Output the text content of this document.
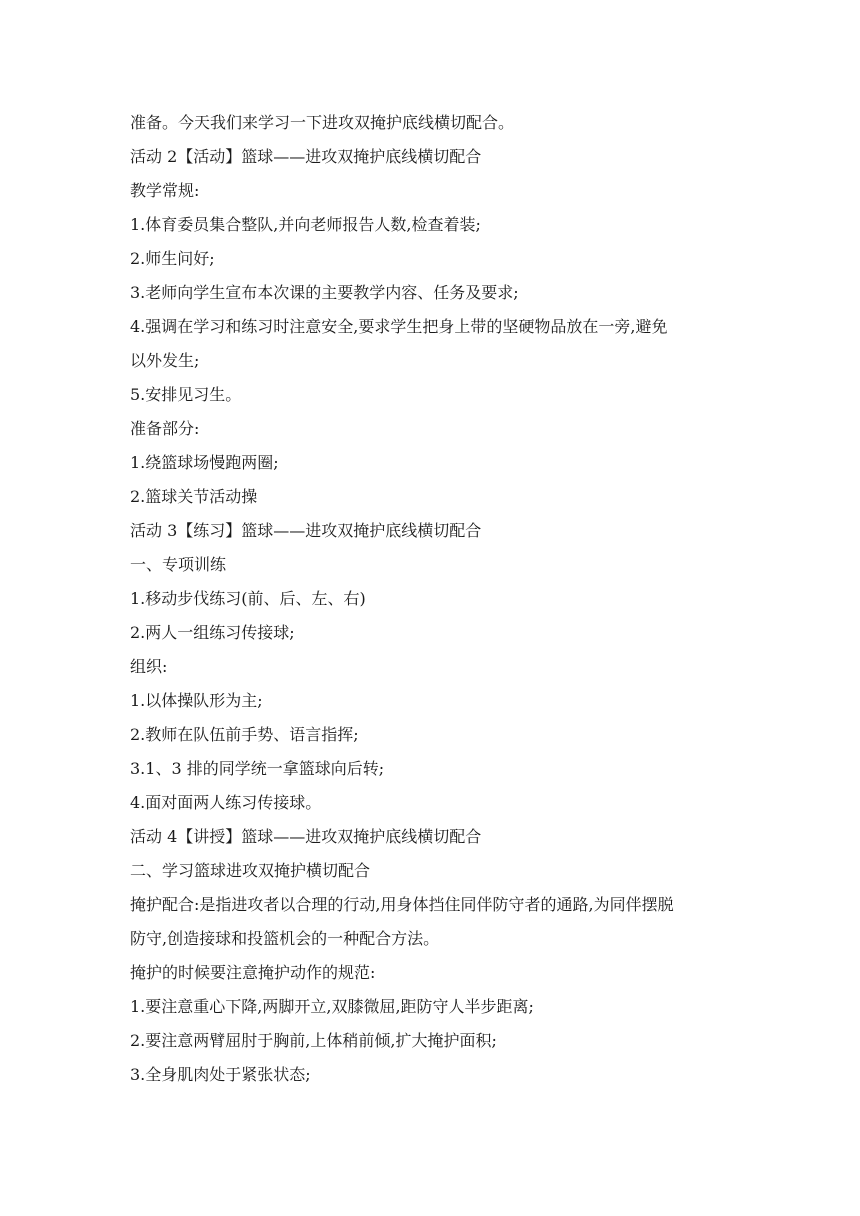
准备。今天我们来学习一下进攻双掩护底线横切配合。
活动 2【活动】篮球——进攻双掩护底线横切配合
教学常规:
1.体育委员集合整队,并向老师报告人数,检查着装;
2.师生问好;
3.老师向学生宣布本次课的主要教学内容、任务及要求;
4.强调在学习和练习时注意安全,要求学生把身上带的坚硬物品放在一旁,避免
以外发生;
5.安排见习生。
准备部分:
1.绕篮球场慢跑两圈;
2.篮球关节活动操
活动 3【练习】篮球——进攻双掩护底线横切配合
一、专项训练
1.移动步伐练习(前、后、左、右)
2.两人一组练习传接球;
组织:
1.以体操队形为主;
2.教师在队伍前手势、语言指挥;
3.1、3 排的同学统一拿篮球向后转;
4.面对面两人练习传接球。
活动 4【讲授】篮球——进攻双掩护底线横切配合
二、学习篮球进攻双掩护横切配合
掩护配合:是指进攻者以合理的行动,用身体挡住同伴防守者的通路,为同伴摆脱
防守,创造接球和投篮机会的一种配合方法。
掩护的时候要注意掩护动作的规范:
1.要注意重心下降,两脚开立,双膝微屈,距防守人半步距离;
2.要注意两臂屈肘于胸前,上体稍前倾,扩大掩护面积;
3.全身肌肉处于紧张状态;
